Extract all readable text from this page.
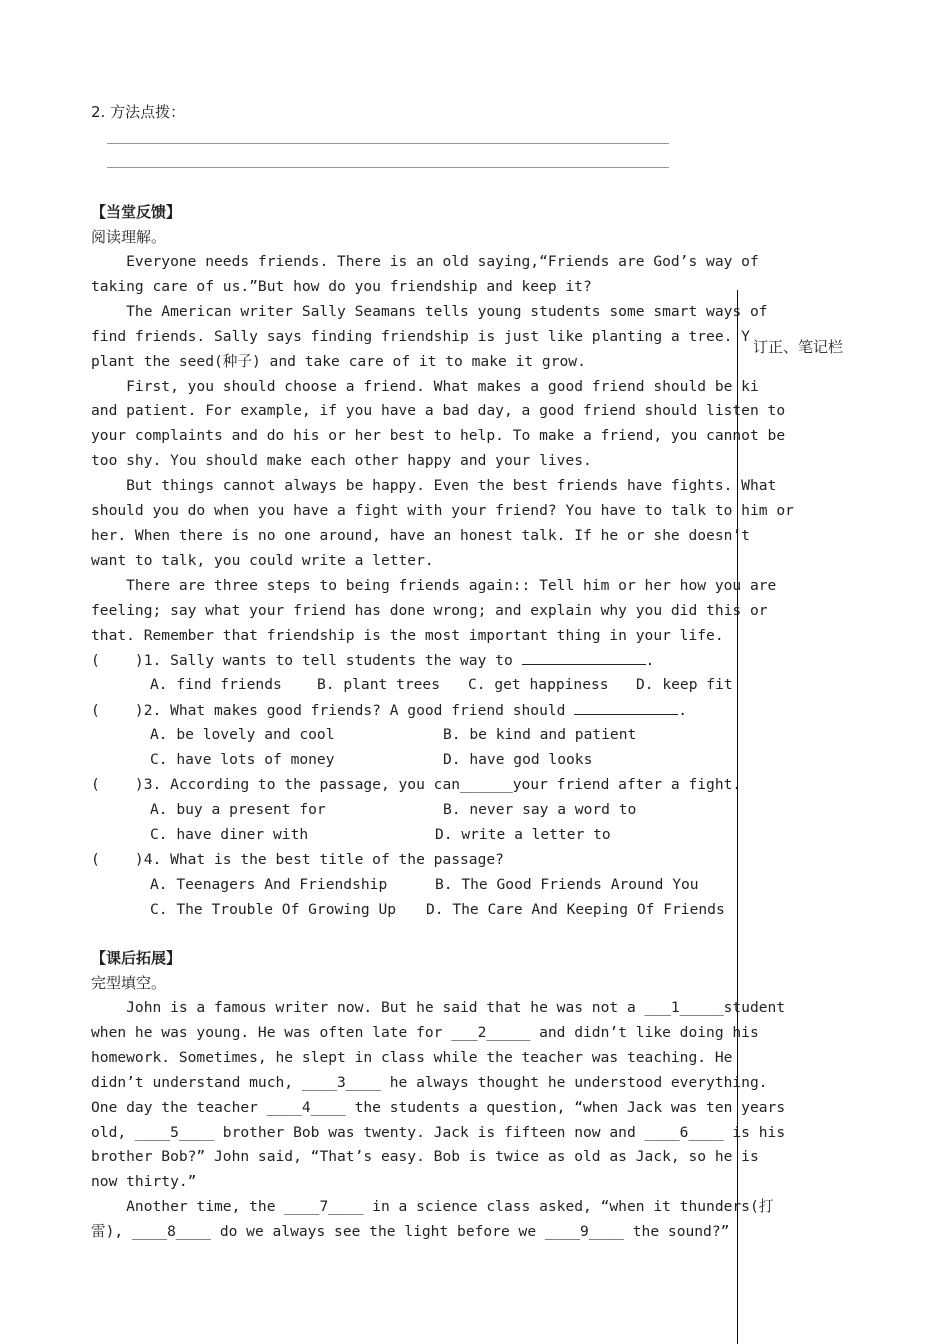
2. 方法点拨：
【当堂反馈】
阅读理解。
Everyone needs friends. There is an old saying,“Friends are God’s way of
taking care of us.”But how do you friendship and keep it?
The American writer Sally Seamans tells young students some smart ways of
find friends. Sally says finding friendship is just like planting a tree. Y
plant the seed(种子) and take care of it to make it grow.
First, you should choose a friend. What makes a good friend should be ki
and patient. For example, if you have a bad day, a good friend should listen to
your complaints and do his or her best to help. To make a friend, you cannot be
too shy. You should make each other happy and your lives.
But things cannot always be happy. Even the best friends have fights. What
should you do when you have a fight with your friend? You have to talk to him or
her. When there is no one around, have an honest talk. If he or she doesn’t
want to talk, you could write a letter.
There are three steps to being friends again:: Tell him or her how you are
feeling; say what your friend has done wrong; and explain why you did this or
that. Remember that friendship is the most important thing in your life.
(    )1. Sally wants to tell students the way to	.
A. find friends B. plant trees C. get happiness D. keep fit
(    )2. What makes good friends? A good friend should	.
A. be lovely and cool	B. be kind and patient
C. have lots of money	D. have god looks
(    )3. According to the passage, you can______your friend after a fight.
A. buy a present for	B. never say a word to
C. have diner with	D. write a letter to
(    )4. What is the best title of the passage?
A. Teenagers And Friendship	B. The Good Friends Around You
C. The Trouble Of Growing Up D. The Care And Keeping Of Friends
【课后拓展】
完型填空。
John is a famous writer now. But he said that he was not a ___1_____student
when he was young. He was often late for ___2_____ and didn’t like doing his
homework. Sometimes, he slept in class while the teacher was teaching. He
didn’t understand much, ____3____ he always thought he understood everything.
One day the teacher ____4____ the students a question, “when Jack was ten years
old, ____5____ brother Bob was twenty. Jack is fifteen now and ____6____ is his
brother Bob?” John said, “That’s easy. Bob is twice as old as Jack, so he is
now thirty.”
Another time, the ____7____ in a science class asked, “when it thunders(打
雷), ____8____ do we always see the light before we ____9____ the sound?”
订正、笔记栏
